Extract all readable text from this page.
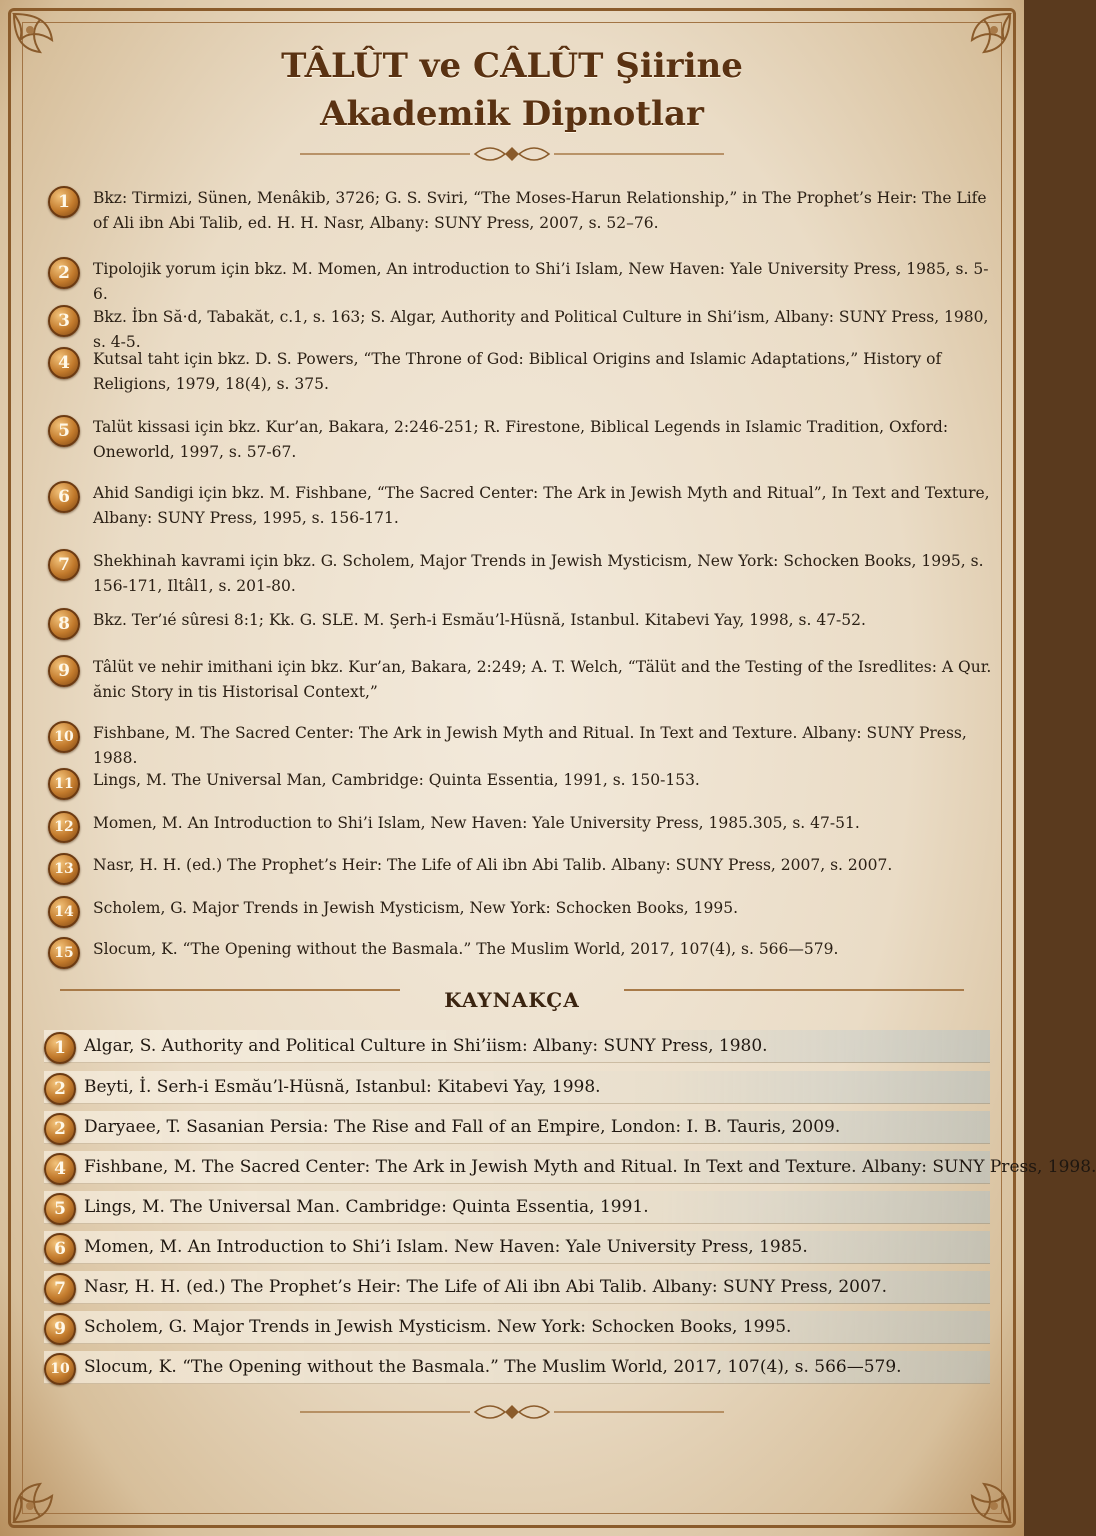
TÂLÛT ve CÂLÛT Şiirine
Akademik Dipnotlar
1	Bkz: Tirmizi, Sünen, Menâkib, 3726; G. S. Sviri, “The Moses-Harun Relationship,” in The Prophet’s Heir: The Life of Ali ibn Abi Talib, ed. H. H. Nasr, Albany: SUNY Press, 2007, s. 52–76.
2	Tipolojik yorum için bkz. M. Momen, An introduction to Shi’i Islam, New Haven: Yale University Press, 1985, s. 5-6.
3	Bkz. İbn Să·d, Tabakăt, c.1, s. 163; S. Algar, Authority and Political Culture in Shi’ism, Albany: SUNY Press, 1980, s. 4-5.
4	Kutsal taht için bkz. D. S. Powers, “The Throne of God: Biblical Origins and Islamic Adaptations,” History of Religions, 1979, 18(4), s. 375.
5	Talüt kissasi için bkz. Kur’an, Bakara, 2:246-251; R. Firestone, Biblical Legends in Islamic Tradition, Oxford: Oneworld, 1997, s. 57-67.
6	Ahid Sandigi için bkz. M. Fishbane, “The Sacred Center: The Ark in Jewish Myth and Ritual”, In Text and Texture, Albany: SUNY Press, 1995, s. 156-171.
7	Shekhinah kavrami için bkz. G. Scholem, Major Trends in Jewish Mysticism, New York: Schocken Books, 1995, s. 156-171, Iltâl1, s. 201-80.
8	Bkz. Ter’ıé sûresi 8:1; Kk. G. SLE. M. Şerh-i Esmău’l-Hüsnă, Istanbul. Kitabevi Yay, 1998, s. 47-52.
9	Tâlüt ve nehir imithani için bkz. Kur’an, Bakara, 2:249; A. T. Welch, “Tälüt and the Testing of the Isredlites: A Qur. ănic Story in tis Historisal Context,”
10	Fishbane, M. The Sacred Center: The Ark in Jewish Myth and Ritual. In Text and Texture. Albany: SUNY Press, 1988.
11	Lings, M. The Universal Man, Cambridge: Quinta Essentia, 1991, s. 150-153.
12	Momen, M. An Introduction to Shi’i Islam, New Haven: Yale University Press, 1985.305, s. 47-51.
13	Nasr, H. H. (ed.) The Prophet’s Heir: The Life of Ali ibn Abi Talib. Albany: SUNY Press, 2007, s. 2007.
14	Scholem, G. Major Trends in Jewish Mysticism, New York: Schocken Books, 1995.
15	Slocum, K. “The Opening without the Basmala.” The Muslim World, 2017, 107(4), s. 566—579.
KAYNAKÇA
1	Algar, S. Authority and Political Culture in Shi’iism: Albany: SUNY Press, 1980.
2	Beyti, İ. Serh-i Esmău’l-Hüsnă, Istanbul: Kitabevi Yay, 1998.
2	Daryaee, T. Sasanian Persia: The Rise and Fall of an Empire, London: I. B. Tauris, 2009.
4	Fishbane, M. The Sacred Center: The Ark in Jewish Myth and Ritual. In Text and Texture. Albany: SUNY Press, 1998.
5	Lings, M. The Universal Man. Cambridge: Quinta Essentia, 1991.
6	Momen, M. An Introduction to Shi’i Islam. New Haven: Yale University Press, 1985.
7	Nasr, H. H. (ed.) The Prophet’s Heir: The Life of Ali ibn Abi Talib. Albany: SUNY Press, 2007.
9	Scholem, G. Major Trends in Jewish Mysticism. New York: Schocken Books, 1995.
10 Slocum, K. “The Opening without the Basmala.” The Muslim World, 2017, 107(4), s. 566—579.
